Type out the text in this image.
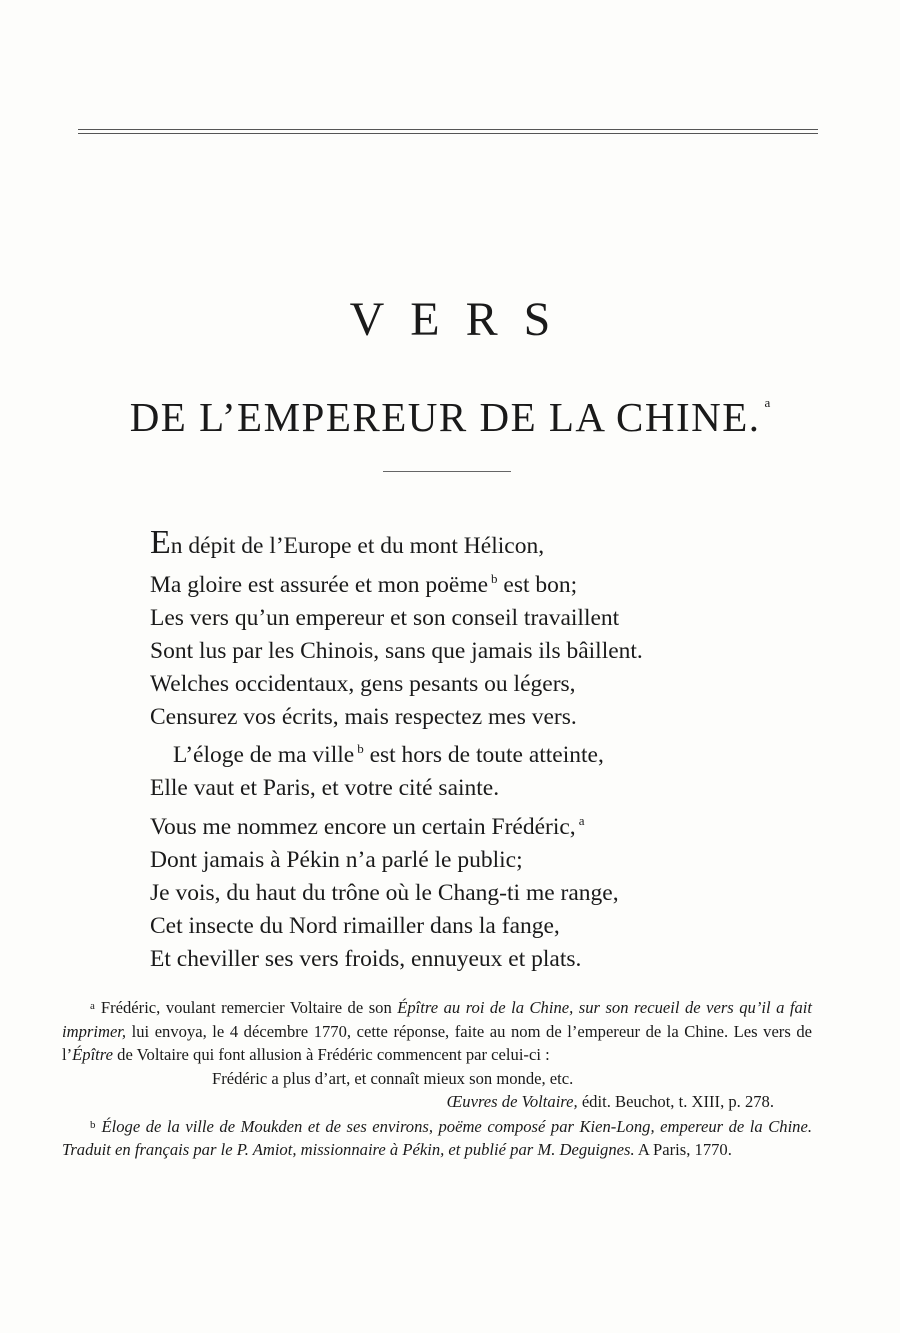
VERS
DE L’EMPEREUR DE LA CHINE. $^a$
En dépit de l’Europe et du mont Hélicon,
Ma gloire est assurée et mon poëme $^b$ est bon;
Les vers qu’un empereur et son conseil travaillent
Sont lus par les Chinois, sans que jamais ils bâillent.
Welches occidentaux, gens pesants ou légers,
Censurez vos écrits, mais respectez mes vers.
L’éloge de ma ville $^b$ est hors de toute atteinte,
Elle vaut et Paris, et votre cité sainte.
Vous me nommez encore un certain Frédéric, $^a$
Dont jamais à Pékin n’a parlé le public;
Je vois, du haut du trône où le Chang-ti me range,
Cet insecte du Nord rimailler dans la fange,
Et cheviller ses vers froids, ennuyeux et plats.

$^a$ Frédéric, voulant remercier Voltaire de son Épître au roi de la Chine, sur son recueil de vers qu’il a fait imprimer, lui envoya, le 4 décembre 1770, cette réponse, faite au nom de l’empereur de la Chine. Les vers de l’Épître de Voltaire qui font allusion à Frédéric commencent par celui-ci :

Frédéric a plus d’art, et connaît mieux son monde, etc.

Œuvres de Voltaire, édit. Beuchot, t. XIII, p. 278.

$^b$ Éloge de la ville de Moukden et de ses environs, poëme composé par Kien-Long, empereur de la Chine. Traduit en français par le P. Amiot, missionnaire à Pékin, et publié par M. Deguignes. A Paris, 1770.
